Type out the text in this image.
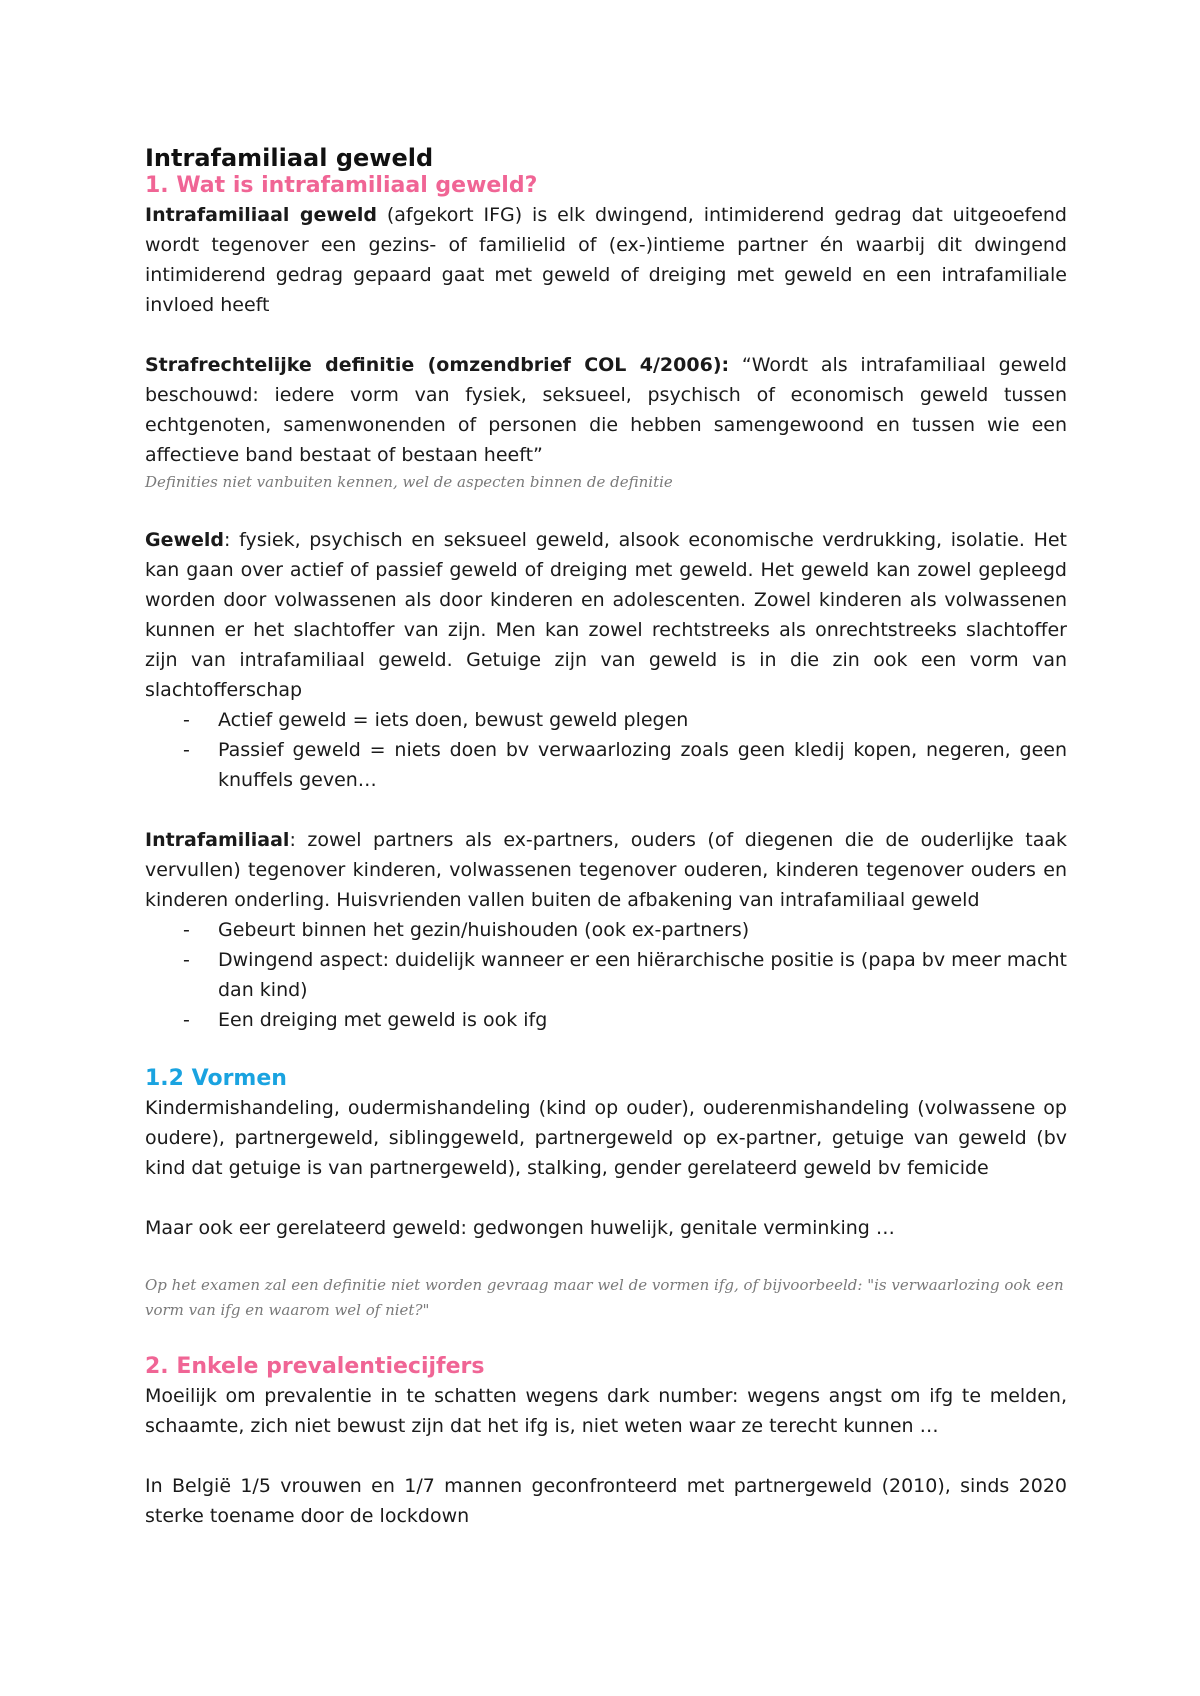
Intrafamiliaal geweld
1. Wat is intrafamiliaal geweld?

Intrafamiliaal geweld (afgekort IFG) is elk dwingend, intimiderend gedrag dat uitgeoefend wordt tegenover een gezins- of familielid of (ex-)intieme partner én waarbij dit dwingend intimiderend gedrag gepaard gaat met geweld of dreiging met geweld en een intrafamiliale invloed heeft

Strafrechtelijke definitie (omzendbrief COL 4/2006): “Wordt als intrafamiliaal geweld beschouwd: iedere vorm van fysiek, seksueel, psychisch of economisch geweld tussen echtgenoten, samenwonenden of personen die hebben samengewoond en tussen wie een affectieve band bestaat of bestaan heeft”

Definities niet vanbuiten kennen, wel de aspecten binnen de definitie

Geweld: fysiek, psychisch en seksueel geweld, alsook economische verdrukking, isolatie. Het kan gaan over actief of passief geweld of dreiging met geweld. Het geweld kan zowel gepleegd worden door volwassenen als door kinderen en adolescenten. Zowel kinderen als volwassenen kunnen er het slachtoffer van zijn. Men kan zowel rechtstreeks als onrechtstreeks slachtoffer zijn van intrafamiliaal geweld. Getuige zijn van geweld is in die zin ook een vorm van slachtofferschap

- Actief geweld = iets doen, bewust geweld plegen
- Passief geweld = niets doen bv verwaarlozing zoals geen kledij kopen, negeren, geen knuffels geven…

Intrafamiliaal: zowel partners als ex-partners, ouders (of diegenen die de ouderlijke taak vervullen) tegenover kinderen, volwassenen tegenover ouderen, kinderen tegenover ouders en kinderen onderling. Huisvrienden vallen buiten de afbakening van intrafamiliaal geweld

- Gebeurt binnen het gezin/huishouden (ook ex-partners)
- Dwingend aspect: duidelijk wanneer er een hiërarchische positie is (papa bv meer macht dan kind)
- Een dreiging met geweld is ook ifg
1.2 Vormen

Kindermishandeling, oudermishandeling (kind op ouder), ouderenmishandeling (volwassene op oudere), partnergeweld, siblinggeweld, partnergeweld op ex-partner, getuige van geweld (bv kind dat getuige is van partnergeweld), stalking, gender gerelateerd geweld bv femicide

Maar ook eer gerelateerd geweld: gedwongen huwelijk, genitale verminking …

Op het examen zal een definitie niet worden gevraag maar wel de vormen ifg, of bijvoorbeeld: "is verwaarlozing ook een vorm van ifg en waarom wel of niet?"
2. Enkele prevalentiecijfers

Moeilijk om prevalentie in te schatten wegens dark number: wegens angst om ifg te melden, schaamte, zich niet bewust zijn dat het ifg is, niet weten waar ze terecht kunnen …

In België 1/5 vrouwen en 1/7 mannen geconfronteerd met partnergeweld (2010), sinds 2020 sterke toename door de lockdown
